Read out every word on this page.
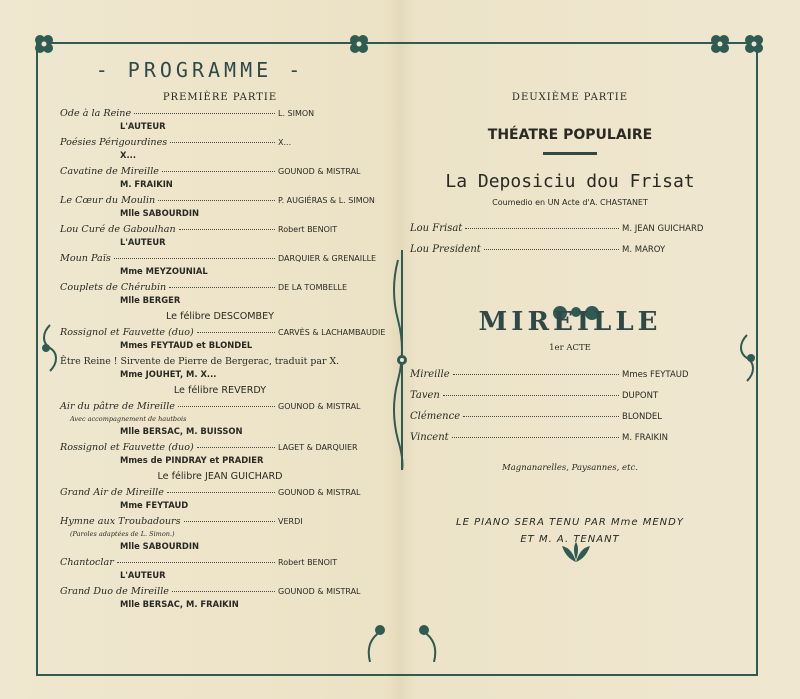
- PROGRAMME -
PREMIÈRE PARTIE
Ode à la Reine	L. SIMON
L'AUTEUR
Poésies Périgourdines	X...
X...
Cavatine de Mireille	GOUNOD & MISTRAL
M. FRAIKIN
Le Cœur du Moulin	P. AUGIÉRAS & L. SIMON
Mlle SABOURDIN
Lou Curé de Gaboulhan	Robert BENOIT
L'AUTEUR
Moun Païs	DARQUIER & GRENAILLE
Mme MEYZOUNIAL
Couplets de Chérubin	DE LA TOMBELLE
Mlle BERGER
Le félibre DESCOMBEY
Rossignol et Fauvette (duo)	CARVÈS & LACHAMBAUDIE
Mmes FEYTAUD et BLONDEL
Être Reine ! Sirvente de Pierre de Bergerac, traduit par X.
Mme JOUHET, M. X...
Le félibre REVERDY
Air du pâtre de Mireille	GOUNOD & MISTRAL
Avec accompagnement de hautbois
Mlle BERSAC, M. BUISSON
Rossignol et Fauvette (duo)	LAGET & DARQUIER
Mmes de PINDRAY et PRADIER
Le félibre JEAN GUICHARD
Grand Air de Mireille	GOUNOD & MISTRAL
Mme FEYTAUD
Hymne aux Troubadours	VERDI
(Paroles adaptées de L. Simon.)
Mlle SABOURDIN
Chantoclar	Robert BENOIT
L'AUTEUR
Grand Duo de Mireille	GOUNOD & MISTRAL
Mlle BERSAC, M. FRAIKIN
DEUXIÈME PARTIE
THÉATRE POPULAIRE
La Deposiciu dou Frisat
Coumedio en UN Acte d'A. CHASTANET
Lou Frisat	M. JEAN GUICHARD
Lou President	M. MAROY
MIREILLE
1er ACTE
Mireille	Mmes FEYTAUD
Taven	DUPONT
Clémence	BLONDEL
Vincent	M. FRAIKIN
Magnanarelles, Paysannes, etc.
LE PIANO SERA TENU PAR Mme MENDY
ET M. A. TENANT
